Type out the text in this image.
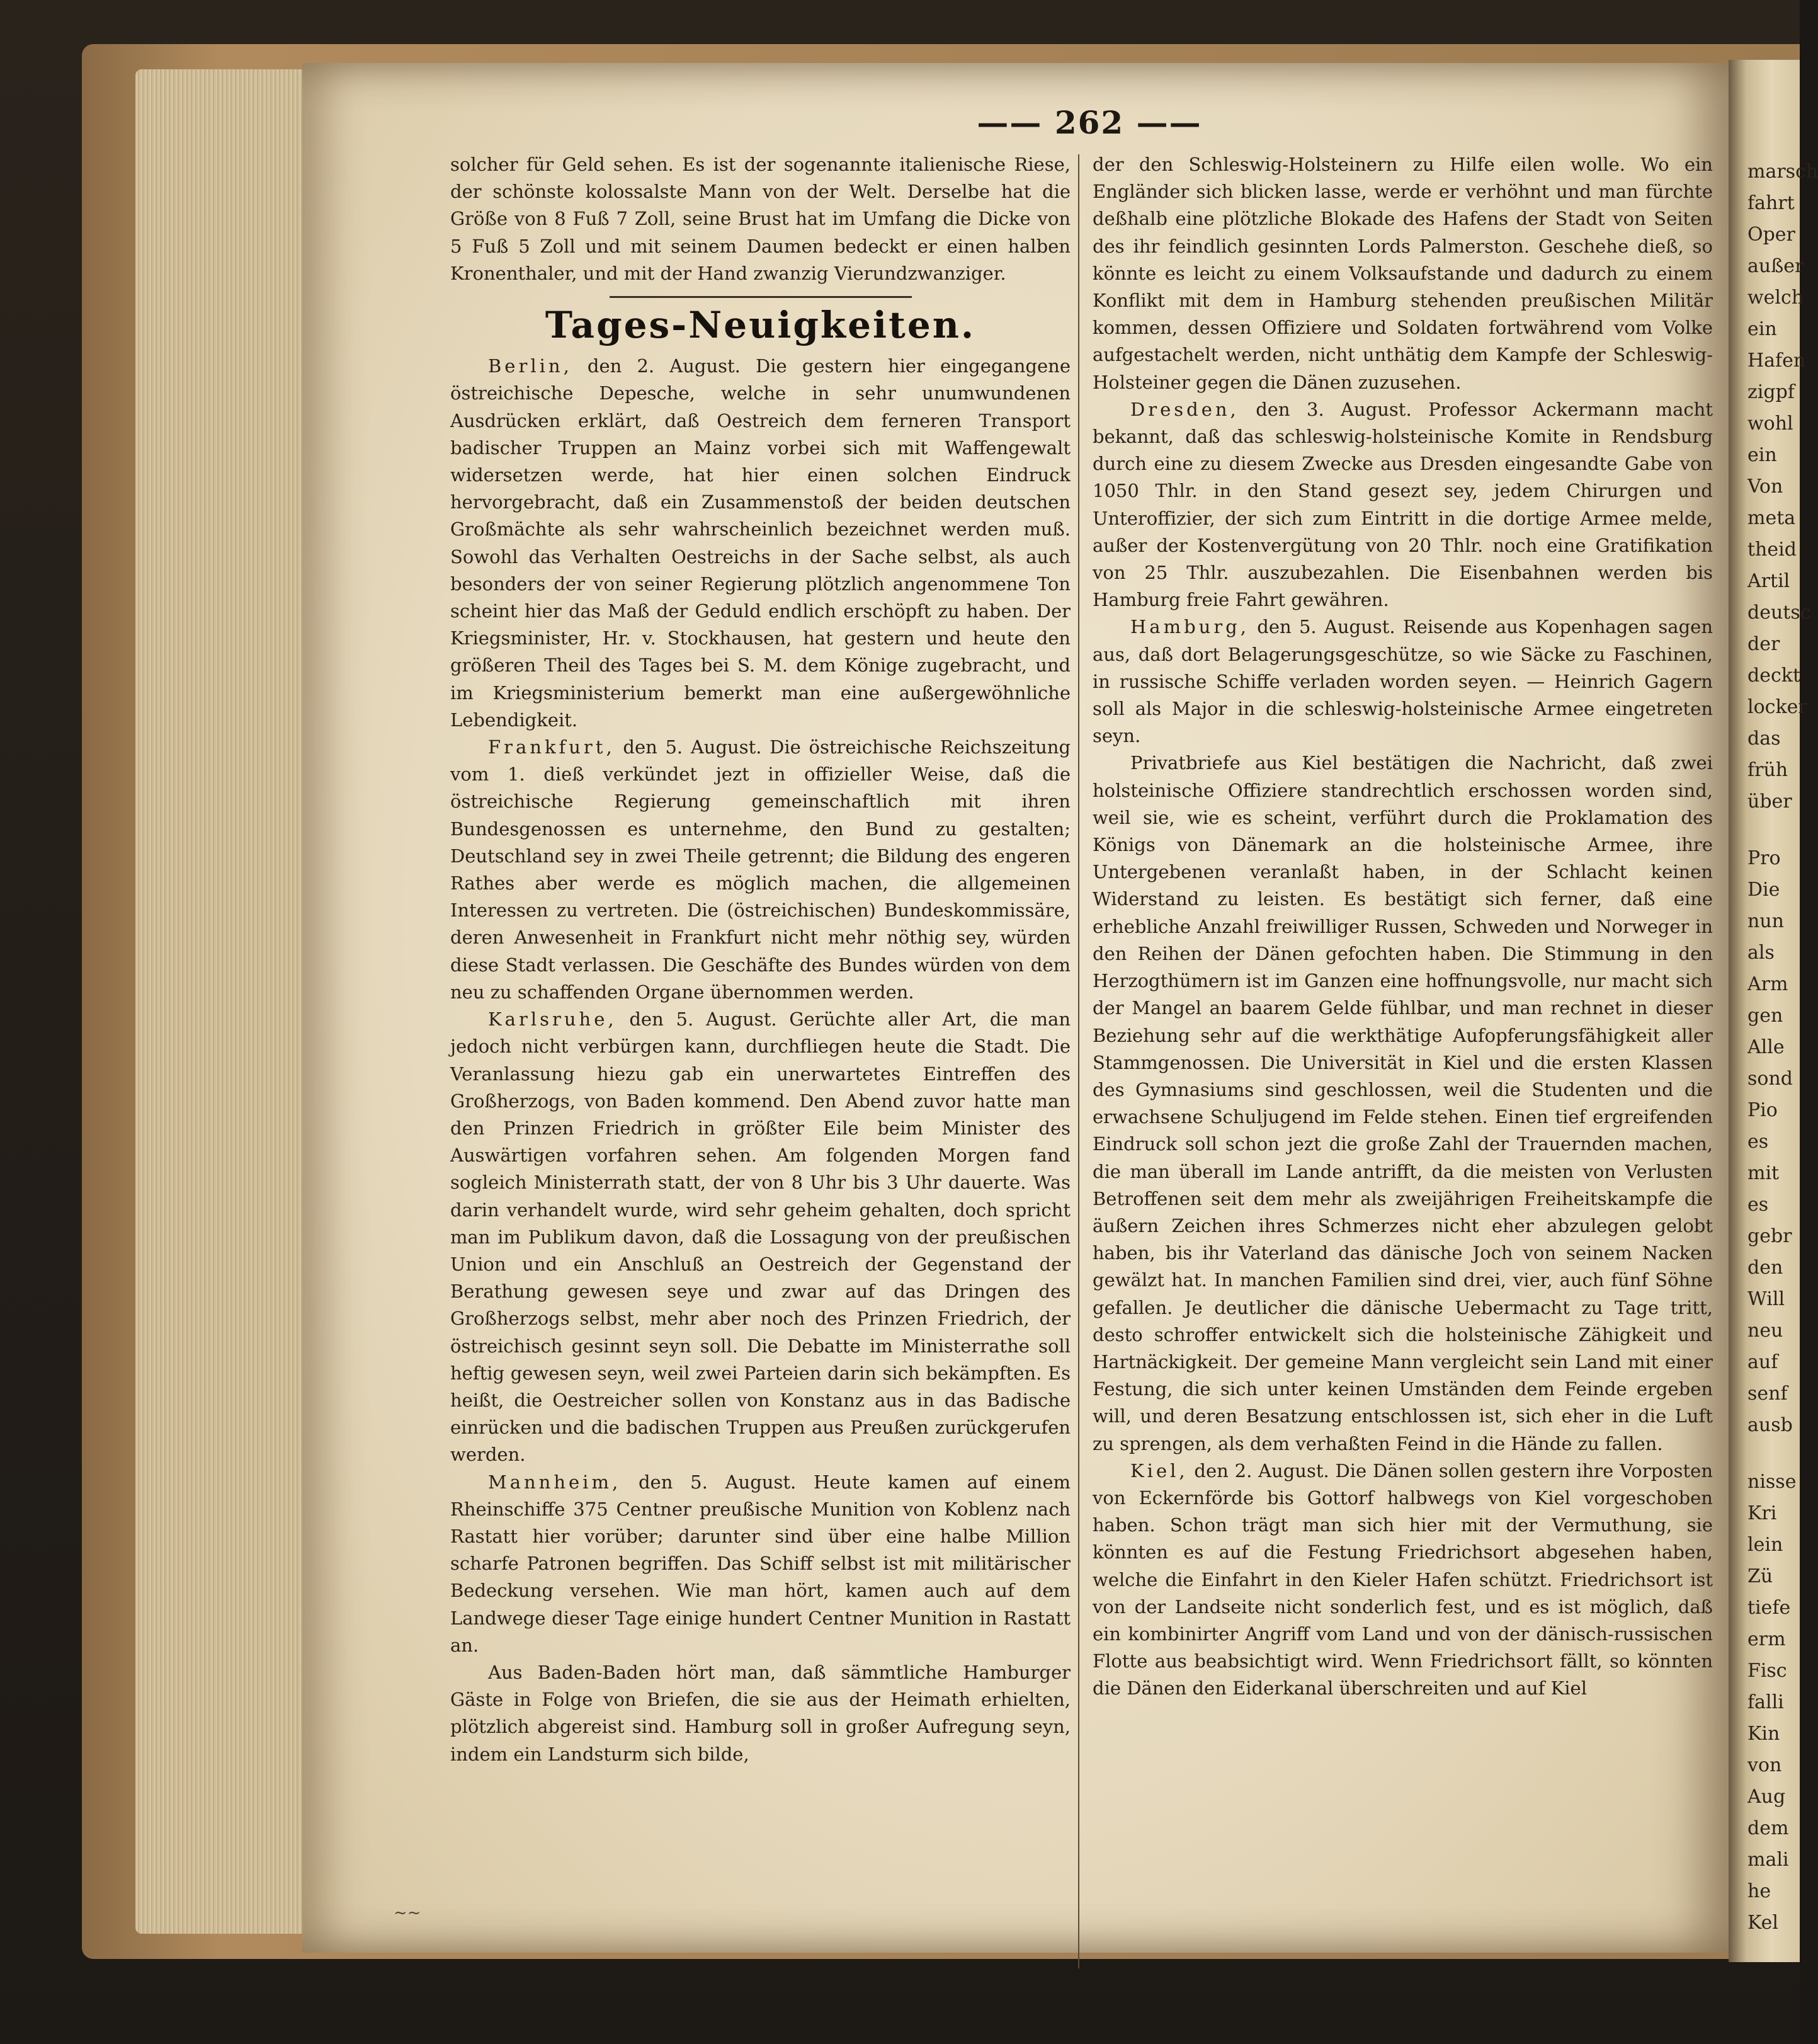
—— 262 ——

solcher für Geld sehen. Es ist der sogenannte italienische Riese, der schönste kolossalste Mann von der Welt. Derselbe hat die Größe von 8 Fuß 7 Zoll, seine Brust hat im Umfang die Dicke von 5 Fuß 5 Zoll und mit seinem Daumen bedeckt er einen halben Kronenthaler, und mit der Hand zwanzig Vierundzwanziger.

Tages-Neuigkeiten.

Berlin, den 2. August. Die gestern hier eingegangene östreichische Depesche, welche in sehr unumwundenen Ausdrücken erklärt, daß Oestreich dem ferneren Transport badischer Truppen an Mainz vorbei sich mit Waffengewalt widersetzen werde, hat hier einen solchen Eindruck hervorgebracht, daß ein Zusammenstoß der beiden deutschen Großmächte als sehr wahrscheinlich bezeichnet werden muß. Sowohl das Verhalten Oestreichs in der Sache selbst, als auch besonders der von seiner Regierung plötzlich angenommene Ton scheint hier das Maß der Geduld endlich erschöpft zu haben. Der Kriegsminister, Hr. v. Stockhausen, hat gestern und heute den größeren Theil des Tages bei S. M. dem Könige zugebracht, und im Kriegsministerium bemerkt man eine außergewöhnliche Lebendigkeit.

Frankfurt, den 5. August. Die östreichische Reichszeitung vom 1. dieß verkündet jezt in offizieller Weise, daß die östreichische Regierung gemeinschaftlich mit ihren Bundesgenossen es unternehme, den Bund zu gestalten; Deutschland sey in zwei Theile getrennt; die Bildung des engeren Rathes aber werde es möglich machen, die allgemeinen Interessen zu vertreten. Die (östreichischen) Bundeskommissäre, deren Anwesenheit in Frankfurt nicht mehr nöthig sey, würden diese Stadt verlassen. Die Geschäfte des Bundes würden von dem neu zu schaffenden Organe übernommen werden.

Karlsruhe, den 5. August. Gerüchte aller Art, die man jedoch nicht verbürgen kann, durchfliegen heute die Stadt. Die Veranlassung hiezu gab ein unerwartetes Eintreffen des Großherzogs, von Baden kommend. Den Abend zuvor hatte man den Prinzen Friedrich in größter Eile beim Minister des Auswärtigen vorfahren sehen. Am folgenden Morgen fand sogleich Ministerrath statt, der von 8 Uhr bis 3 Uhr dauerte. Was darin verhandelt wurde, wird sehr geheim gehalten, doch spricht man im Publikum davon, daß die Lossagung von der preußischen Union und ein Anschluß an Oestreich der Gegenstand der Berathung gewesen seye und zwar auf das Dringen des Großherzogs selbst, mehr aber noch des Prinzen Friedrich, der östreichisch gesinnt seyn soll. Die Debatte im Ministerrathe soll heftig gewesen seyn, weil zwei Parteien darin sich bekämpften. Es heißt, die Oestreicher sollen von Konstanz aus in das Badische einrücken und die badischen Truppen aus Preußen zurückgerufen werden.

Mannheim, den 5. August. Heute kamen auf einem Rheinschiffe 375 Centner preußische Munition von Koblenz nach Rastatt hier vorüber; darunter sind über eine halbe Million scharfe Patronen begriffen. Das Schiff selbst ist mit militärischer Bedeckung versehen. Wie man hört, kamen auch auf dem Landwege dieser Tage einige hundert Centner Munition in Rastatt an.

Aus Baden-Baden hört man, daß sämmtliche Hamburger Gäste in Folge von Briefen, die sie aus der Heimath erhielten, plötzlich abgereist sind. Hamburg soll in großer Aufregung seyn, indem ein Landsturm sich bilde,

der den Schleswig-Holsteinern zu Hilfe eilen wolle. Wo ein Engländer sich blicken lasse, werde er verhöhnt und man fürchte deßhalb eine plötzliche Blokade des Hafens der Stadt von Seiten des ihr feindlich gesinnten Lords Palmerston. Geschehe dieß, so könnte es leicht zu einem Volksaufstande und dadurch zu einem Konflikt mit dem in Hamburg stehenden preußischen Militär kommen, dessen Offiziere und Soldaten fortwährend vom Volke aufgestachelt werden, nicht unthätig dem Kampfe der Schleswig-Holsteiner gegen die Dänen zuzusehen.

Dresden, den 3. August. Professor Ackermann macht bekannt, daß das schleswig-holsteinische Komite in Rendsburg durch eine zu diesem Zwecke aus Dresden eingesandte Gabe von 1050 Thlr. in den Stand gesezt sey, jedem Chirurgen und Unteroffizier, der sich zum Eintritt in die dortige Armee melde, außer der Kostenvergütung von 20 Thlr. noch eine Gratifikation von 25 Thlr. auszubezahlen. Die Eisenbahnen werden bis Hamburg freie Fahrt gewähren.

Hamburg, den 5. August. Reisende aus Kopenhagen sagen aus, daß dort Belagerungsgeschütze, so wie Säcke zu Faschinen, in russische Schiffe verladen worden seyen. — Heinrich Gagern soll als Major in die schleswig-holsteinische Armee eingetreten seyn.

Privatbriefe aus Kiel bestätigen die Nachricht, daß zwei holsteinische Offiziere standrechtlich erschossen worden sind, weil sie, wie es scheint, verführt durch die Proklamation des Königs von Dänemark an die holsteinische Armee, ihre Untergebenen veranlaßt haben, in der Schlacht keinen Widerstand zu leisten. Es bestätigt sich ferner, daß eine erhebliche Anzahl freiwilliger Russen, Schweden und Norweger in den Reihen der Dänen gefochten haben. Die Stimmung in den Herzogthümern ist im Ganzen eine hoffnungsvolle, nur macht sich der Mangel an baarem Gelde fühlbar, und man rechnet in dieser Beziehung sehr auf die werkthätige Aufopferungsfähigkeit aller Stammgenossen. Die Universität in Kiel und die ersten Klassen des Gymnasiums sind geschlossen, weil die Studenten und die erwachsene Schuljugend im Felde stehen. Einen tief ergreifenden Eindruck soll schon jezt die große Zahl der Trauernden machen, die man überall im Lande antrifft, da die meisten von Verlusten Betroffenen seit dem mehr als zweijährigen Freiheitskampfe die äußern Zeichen ihres Schmerzes nicht eher abzulegen gelobt haben, bis ihr Vaterland das dänische Joch von seinem Nacken gewälzt hat. In manchen Familien sind drei, vier, auch fünf Söhne gefallen. Je deutlicher die dänische Uebermacht zu Tage tritt, desto schroffer entwickelt sich die holsteinische Zähigkeit und Hartnäckigkeit. Der gemeine Mann vergleicht sein Land mit einer Festung, die sich unter keinen Umständen dem Feinde ergeben will, und deren Besatzung entschlossen ist, sich eher in die Luft zu sprengen, als dem verhaßten Feind in die Hände zu fallen.

Kiel, den 2. August. Die Dänen sollen gestern ihre Vorposten von Eckernförde bis Gottorf halbwegs von Kiel vorgeschoben haben. Schon trägt man sich hier mit der Vermuthung, sie könnten es auf die Festung Friedrichsort abgesehen haben, welche die Einfahrt in den Kieler Hafen schützt. Friedrichsort ist von der Landseite nicht sonderlich fest, und es ist möglich, daß ein kombinirter Angriff vom Land und von der dänisch-russischen Flotte aus beabsichtigt wird. Wenn Friedrichsort fällt, so könnten die Dänen den Eiderkanal überschreiten und auf Kiel

~~
marsch
fahrt
Oper
außer
welch
ein
Hafen
zigpf
wohl
ein
Von
meta
theid
Artil
deutsc
der
deckt
locker
das
früh
über
Pro
Die
nun
als
Arm
gen
Alle
sond
Pio
es
mit
es
gebr
den
Will
neu
auf
senf
ausb
nisse
Kri
lein
Zü
tiefe
erm
Fisc
falli
Kin
von
Aug
dem
mali
he
Kel
